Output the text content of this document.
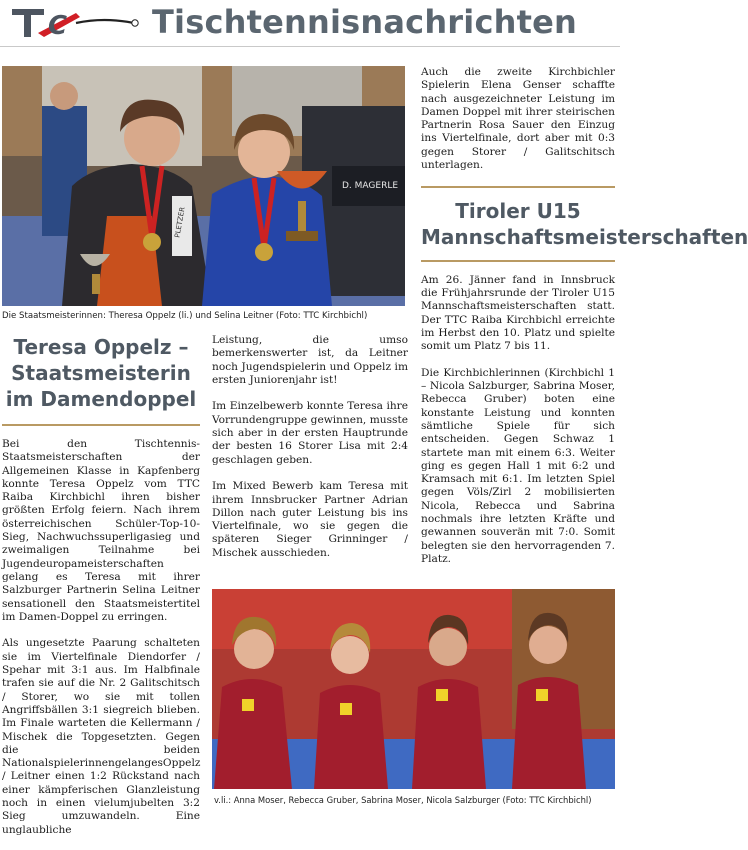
C	Tischtennisnachrichten
D. MAGERLE
PLETZER
Die Staatsmeisterinnen: Theresa Oppelz (li.) und Selina Leitner (Foto: TTC Kirchbichl)
Teresa Oppelz – Staatsmeisterin im Damendoppel

Bei den Tischtennis-Staatsmeisterschaften der Allgemeinen Klasse in Kapfenberg konnte Teresa Oppelz vom TTC Raiba Kirchbichl ihren bisher größten Erfolg feiern. Nach ihrem österreichischen Schüler-Top-10-Sieg, Nachwuchssuperligasieg und zweimaligen Teilnahme bei Jugendeuropameisterschaften gelang es Teresa mit ihrer Salzburger Partnerin Selina Leitner sensationell den Staatsmeistertitel im Damen-Doppel zu erringen.

Als ungesetzte Paarung schalteten sie im Viertelfinale Diendorfer / Spehar mit 3:1 aus. Im Halbfinale trafen sie auf die Nr. 2 Galitschitsch / Storer, wo sie mit tollen Angriffsbällen 3:1 siegreich blieben. Im Finale warteten die Kellermann / Mischek die Topgesetzten. Gegen die beiden NationalspielerinnengelangesOppelz / Leitner einen 1:2 Rückstand nach einer kämpferischen Glanzleistung noch in einen vielumjubelten 3:2 Sieg umzuwandeln. Eine unglaubliche

Leistung, die umso bemerkenswerter ist, da Leitner noch Jugendspielerin und Oppelz im ersten Juniorenjahr ist!

Im Einzelbewerb konnte Teresa ihre Vorrundengruppe gewinnen, musste sich aber in der ersten Hauptrunde der besten 16 Storer Lisa mit 2:4 geschlagen geben.

Im Mixed Bewerb kam Teresa mit ihrem Innsbrucker Partner Adrian Dillon nach guter Leistung bis ins Viertelfinale, wo sie gegen die späteren Sieger Grinninger / Mischek ausschieden.

Auch die zweite Kirchbichler Spielerin Elena Genser schaffte nach ausgezeichneter Leistung im Damen Doppel mit ihrer steirischen Partnerin Rosa Sauer den Einzug ins Viertelfinale, dort aber mit 0:3 gegen Storer / Galitschitsch unterlagen.

Tiroler U15 Mannschaftsmeisterschaften

Am 26. Jänner fand in Innsbruck die Frühjahrsrunde der Tiroler U15 Mannschaftsmeisterschaften statt. Der TTC Raiba Kirchbichl erreichte im Herbst den 10. Platz und spielte somit um Platz 7 bis 11.

Die Kirchbichlerinnen (Kirchbichl 1 – Nicola Salzburger, Sabrina Moser, Rebecca Gruber) boten eine konstante Leistung und konnten sämtliche Spiele für sich entscheiden. Gegen Schwaz 1 startete man mit einem 6:3. Weiter ging es gegen Hall 1 mit 6:2 und Kramsach mit 6:1. Im letzten Spiel gegen Völs/Zirl 2 mobilisierten Nicola, Rebecca und Sabrina nochmals ihre letzten Kräfte und gewannen souverän mit 7:0. Somit belegten sie den hervorragenden 7. Platz.

v.li.: Anna Moser, Rebecca Gruber, Sabrina Moser, Nicola Salzburger (Foto: TTC Kirchbichl)
